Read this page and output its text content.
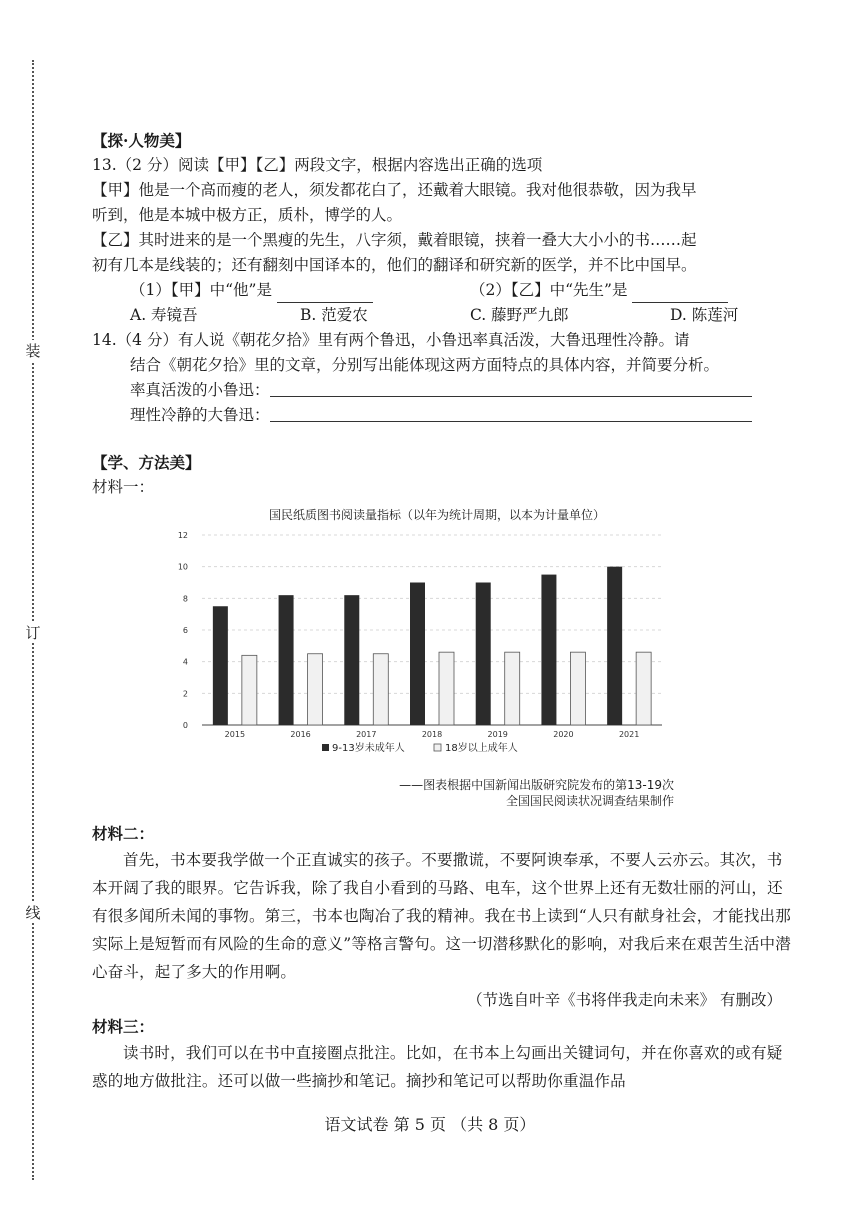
装
订
线
【探·人物美】
13.（2 分）阅读【甲】【乙】两段文字，根据内容选出正确的选项
【甲】他是一个高而瘦的老人，须发都花白了，还戴着大眼镜。我对他很恭敬，因为我早
听到，他是本城中极方正，质朴，博学的人。
【乙】其时进来的是一个黑瘦的先生，八字须，戴着眼镜，挟着一叠大大小小的书……起
初有几本是线装的；还有翻刻中国译本的，他们的翻译和研究新的医学，并不比中国早。
（1）【甲】中“他”是	（2）【乙】中“先生”是
A. 寿镜吾	B. 范爱农	C. 藤野严九郎	D. 陈莲河
14.（4 分）有人说《朝花夕拾》里有两个鲁迅，小鲁迅率真活泼，大鲁迅理性冷静。请
结合《朝花夕拾》里的文章，分别写出能体现这两方面特点的具体内容，并简要分析。
率真活泼的小鲁迅：
理性冷静的大鲁迅：
【学、方法美】
材料一：
国民纸质图书阅读量指标（以年为统计周期，以本为计量单位）
0
2
4
6
8
10
12
2015	2016	2017	2018	2019	2020	2021
9-13岁未成年人	18岁以上成年人
——图表根据中国新闻出版研究院发布的第13-19次
全国国民阅读状况调查结果制作
材料二：
首先，书本要我学做一个正直诚实的孩子。不要撒谎，不要阿谀奉承，不要人云亦云。其次，书本开阔了我的眼界。它告诉我，除了我自小看到的马路、电车，这个世界上还有无数壮丽的河山，还有很多闻所未闻的事物。第三，书本也陶冶了我的精神。我在书上读到“人只有献身社会，才能找出那实际上是短暂而有风险的生命的意义”等格言警句。这一切潜移默化的影响，对我后来在艰苦生活中潜心奋斗，起了多大的作用啊。
（节选自叶辛《书将伴我走向未来》 有删改）
材料三：
读书时，我们可以在书中直接圈点批注。比如，在书本上勾画出关键词句，并在你喜欢的或有疑惑的地方做批注。还可以做一些摘抄和笔记。摘抄和笔记可以帮助你重温作品
语文试卷 第 5 页 （共 8 页）
